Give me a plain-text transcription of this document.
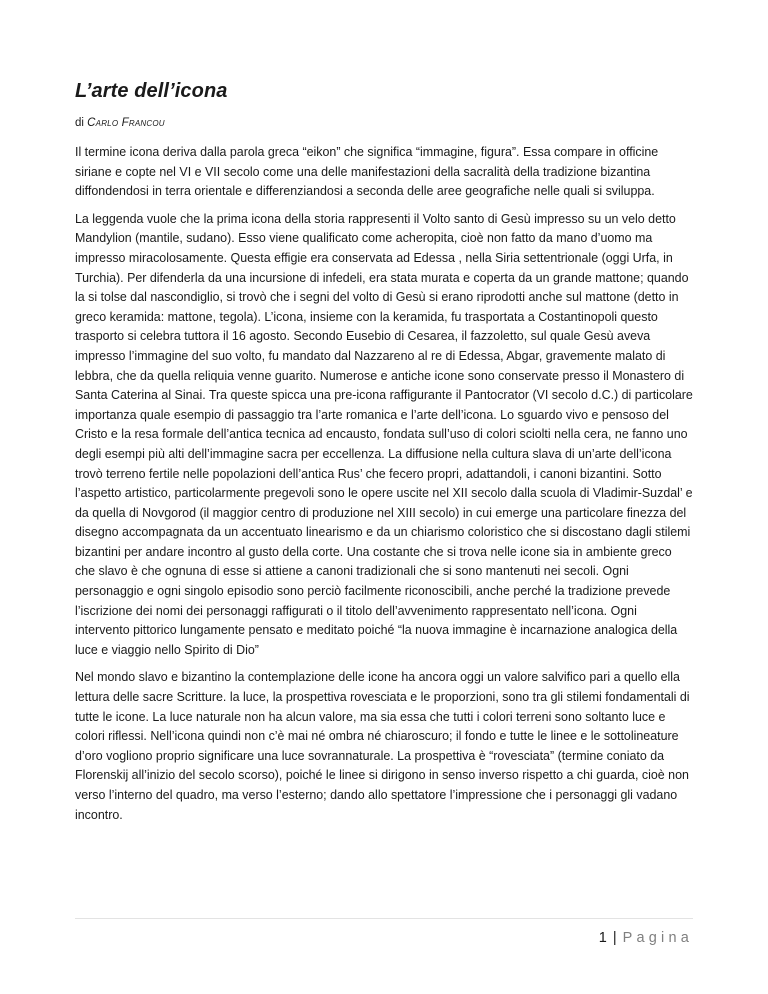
L’arte dell’icona
di Carlo Francou

Il termine icona deriva dalla parola greca “eikon” che significa “immagine, figura”. Essa compare in officine siriane e copte nel VI e VII secolo come una delle manifestazioni della sacralità della tradizione bizantina diffondendosi in terra orientale e differenziandosi a seconda delle aree geografiche nelle quali si sviluppa.

La leggenda vuole che la prima icona della storia rappresenti il Volto santo di Gesù impresso su un velo detto Mandylion (mantile, sudano). Esso viene qualificato come acheropita, cioè non fatto da mano d’uomo ma impresso miracolosamente. Questa effigie era conservata ad Edessa , nella Siria settentrionale (oggi Urfa, in Turchia). Per difenderla da una incursione di infedeli, era stata murata e coperta da un grande mattone; quando la si tolse dal nascondiglio, si trovò che i segni del volto di Gesù si erano riprodotti anche sul mattone (detto in greco keramida: mattone, tegola). L’icona, insieme con la keramida, fu trasportata a Costantinopoli questo trasporto si celebra tuttora il 16 agosto. Secondo Eusebio di Cesarea, il fazzoletto, sul quale Gesù aveva impresso l’immagine del suo volto, fu mandato dal Nazzareno al re di Edessa, Abgar, gravemente malato di lebbra, che da quella reliquia venne guarito. Numerose e antiche icone sono conservate presso il Monastero di Santa Caterina al Sinai. Tra queste spicca una pre-icona raffigurante il Pantocrator (VI secolo d.C.) di particolare importanza quale esempio di passaggio tra l’arte romanica e l’arte dell’icona. Lo sguardo vivo e pensoso del Cristo e la resa formale dell’antica tecnica ad encausto, fondata sull’uso di colori sciolti nella cera, ne fanno uno degli esempi più alti dell’immagine sacra per eccellenza. La diffusione nella cultura slava di un’arte dell’icona trovò terreno fertile nelle popolazioni dell’antica Rus’ che fecero propri, adattandoli, i canoni bizantini. Sotto l’aspetto artistico, particolarmente pregevoli sono le opere uscite nel XII secolo dalla scuola di Vladimir-Suzdal’ e da quella di Novgorod (il maggior centro di produzione nel XIII secolo) in cui emerge una particolare finezza del disegno accompagnata da un accentuato linearismo e da un chiarismo coloristico che si discostano dagli stilemi bizantini per andare incontro al gusto della corte. Una costante che si trova nelle icone sia in ambiente greco che slavo è che ognuna di esse si attiene a canoni tradizionali che si sono mantenuti nei secoli. Ogni personaggio e ogni singolo episodio sono perciò facilmente riconoscibili, anche perché la tradizione prevede l’iscrizione dei nomi dei personaggi raffigurati o il titolo dell’avvenimento rappresentato nell’icona. Ogni intervento pittorico lungamente pensato e meditato poiché “la nuova immagine è incarnazione analogica della luce e viaggio nello Spirito di Dio”

Nel mondo slavo e bizantino la contemplazione delle icone ha ancora oggi un valore salvifico pari a quello ella lettura delle sacre Scritture. la luce, la prospettiva rovesciata e le proporzioni, sono tra gli stilemi fondamentali di tutte le icone. La luce naturale non ha alcun valore, ma sia essa che tutti i colori terreni sono soltanto luce e colori riflessi. Nell’icona quindi non c’è mai né ombra né chiaroscuro; il fondo e tutte le linee e le sottolineature d’oro vogliono proprio significare una luce sovrannaturale. La prospettiva è “rovesciata” (termine coniato da Florenskij all’inizio del secolo scorso), poiché le linee si dirigono in senso inverso rispetto a chi guarda, cioè non verso l’interno del quadro, ma verso l’esterno; dando allo spettatore l’impressione che i personaggi gli vadano incontro.

1 | Pagina
